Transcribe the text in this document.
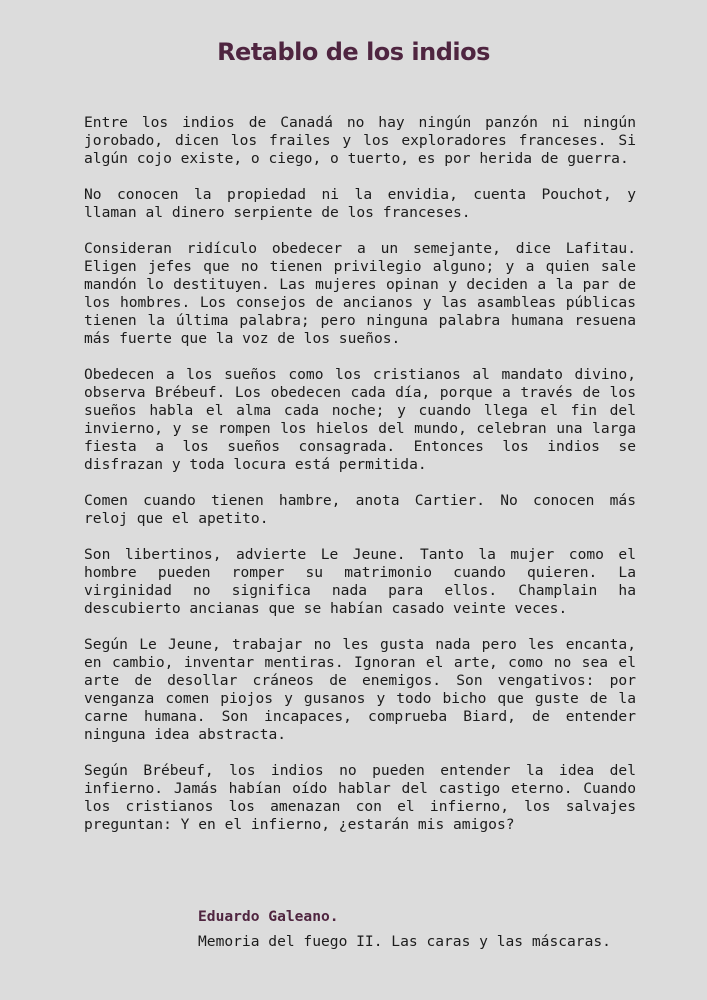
Retablo de los indios

Entre los indios de Canadá no hay ningún panzón ni ningún jorobado, dicen los frailes y los exploradores franceses. Si algún cojo existe, o ciego, o tuerto, es por herida de guerra.

No conocen la propiedad ni la envidia, cuenta Pouchot, y llaman al dinero serpiente de los franceses.

Consideran ridículo obedecer a un semejante, dice Lafitau. Eligen jefes que no tienen privilegio alguno; y a quien sale mandón lo destituyen. Las mujeres opinan y deciden a la par de los hombres. Los consejos de ancianos y las asambleas públicas tienen la última palabra; pero ninguna palabra humana resuena más fuerte que la voz de los sueños.

Obedecen a los sueños como los cristianos al mandato divino, observa Brébeuf. Los obedecen cada día, porque a través de los sueños habla el alma cada noche; y cuando llega el fin del invierno, y se rompen los hielos del mundo, celebran una larga fiesta a los sueños consagrada. Entonces los indios se disfrazan y toda locura está permitida.

Comen cuando tienen hambre, anota Cartier. No conocen más reloj que el apetito.

Son libertinos, advierte Le Jeune. Tanto la mujer como el hombre pueden romper su matrimonio cuando quieren. La virginidad no significa nada para ellos. Champlain ha descubierto ancianas que se habían casado veinte veces.

Según Le Jeune, trabajar no les gusta nada pero les encanta, en cambio, inventar mentiras. Ignoran el arte, como no sea el arte de desollar cráneos de enemigos. Son vengativos: por venganza comen piojos y gusanos y todo bicho que guste de la carne humana. Son incapaces, comprueba Biard, de entender ninguna idea abstracta.

Según Brébeuf, los indios no pueden entender la idea del infierno. Jamás habían oído hablar del castigo eterno. Cuando los cristianos los amenazan con el infierno, los salvajes preguntan: Y en el infierno, ¿estarán mis amigos?

Eduardo Galeano.

Memoria del fuego II. Las caras y las máscaras.
